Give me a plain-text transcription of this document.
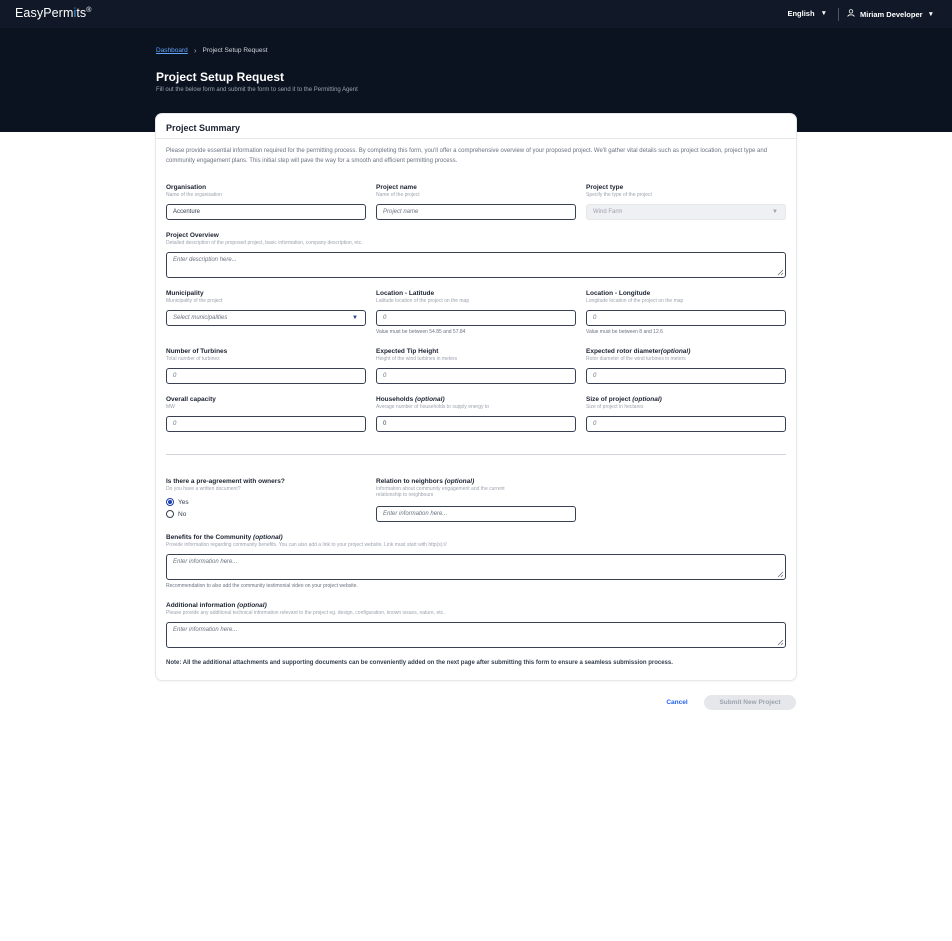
EasyPermits®	English ▼	Miriam Developer ▼
Dashboard › Project Setup Request
Project Setup Request
Fill out the below form and submit the form to send it to the Permitting Agent
Project Summary
Please provide essential information required for the permitting process. By completing this form, you'll offer a comprehensive overview of your proposed project. We'll gather vital details such as project location, project type and community engagement plans. This initial step will pave the way for a smooth and efficient permitting process.
Organisation
Name of the organisation
Accenture
Project name
Name of the project
Project name
Project type
Specify the type of the project
Wind Farm	▼
Project Overview
Detailed description of the proposed project, basic information, company description, etc.
Enter description here...
Municipality
Municipality of the project
Select municipalities	▼
Location - Latitude
Latitude location of the project on the map
0
Value must be between 54.85 and 57.84
Location - Longitude
Longitude location of the project on the map
0
Value must be between 8 and 12.6
Number of Turbines
Total number of turbines
0
Expected Tip Height
Height of the wind turbines in meters
0
Expected rotor diameter(optional)
Rotor diameter of the wind turbines in meters
0
Overall capacity
MW
0
Households (optional)
Average number of households to supply energy to
0
Size of project (optional)
Size of project in hectares
0
Is there a pre-agreement with owners?
Do you have a written document?
Yes
No
Relation to neighbors (optional)
Information about community engagement and the current
relationship to neighbours
Enter information here...
Benefits for the Community (optional)
Provide information regarding community benefits. You can also add a link to your project website. Link must start with http(s)://
Enter information here...
Recommendation to also add the community testimonial video on your project website.
Additional information (optional)
Please provide any additional technical information relevant to the project eg. design, configuration, known issues, nature, etc..
Enter information here...
Note: All the additional attachments and supporting documents can be conveniently added on the next page after submitting this form to ensure a seamless submission process.
Cancel	Submit New Project
